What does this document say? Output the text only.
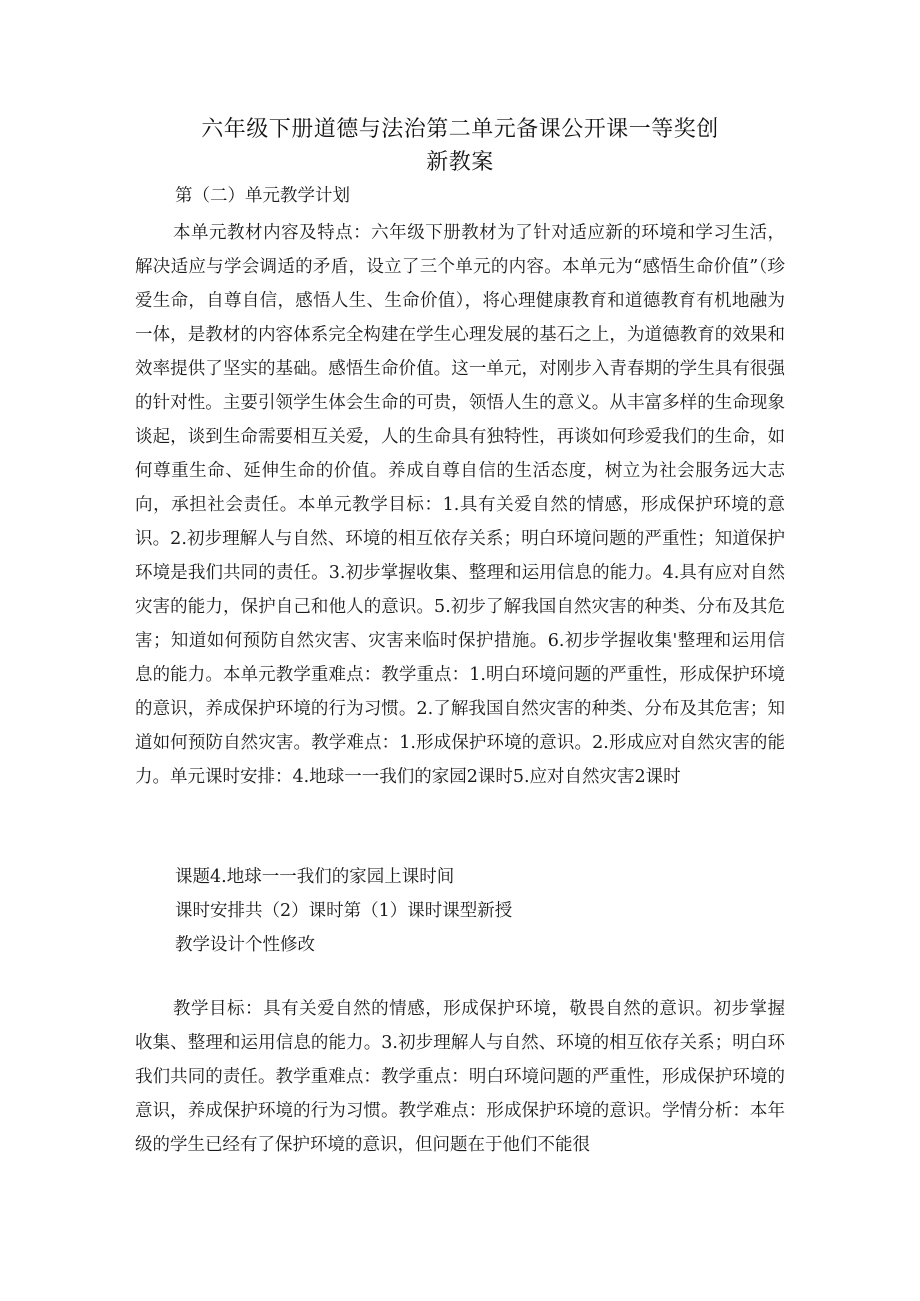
六年级下册道德与法治第二单元备课公开课一等奖创
新教案
第（二）单元教学计划
本单元教材内容及特点：六年级下册教材为了针对适应新的环境和学习生活，解决适应与学会调适的矛盾，设立了三个单元的内容。本单元为“感悟生命价值”（珍爱生命，自尊自信，感悟人生、生命价值），将心理健康教育和道德教育有机地融为一体，是教材的内容体系完全构建在学生心理发展的基石之上，为道德教育的效果和效率提供了坚实的基础。感悟生命价值。这一单元，对刚步入青春期的学生具有很强的针对性。主要引领学生体会生命的可贵，领悟人生的意义。从丰富多样的生命现象谈起，谈到生命需要相互关爱，人的生命具有独特性，再谈如何珍爱我们的生命，如何尊重生命、延伸生命的价值。养成自尊自信的生活态度，树立为社会服务远大志向，承担社会责任。本单元教学目标：1.具有关爱自然的情感，形成保护环境的意识。2.初步理解人与自然、环境的相互依存关系；明白环境问题的严重性；知道保护环境是我们共同的责任。3.初步掌握收集、整理和运用信息的能力。4.具有应对自然灾害的能力，保护自己和他人的意识。5.初步了解我国自然灾害的种类、分布及其危害；知道如何预防自然灾害、灾害来临时保护措施。6.初步学握收集'整理和运用信息的能力。本单元教学重难点：教学重点：1.明白环境问题的严重性，形成保护环境的意识，养成保护环境的行为习惯。2.了解我国自然灾害的种类、分布及其危害；知道如何预防自然灾害。教学难点：1.形成保护环境的意识。2.形成应对自然灾害的能力。单元课时安排：4.地球一一我们的家园2课时5.应对自然灾害2课时
课题4.地球一一我们的家园上课时间
课时安排共（2）课时第（1）课时课型新授
教学设计个性修改
教学目标：具有关爱自然的情感，形成保护环境，敬畏自然的意识。初步掌握收集、整理和运用信息的能力。3.初步理解人与自然、环境的相互依存关系；明白环
我们共同的责任。教学重难点：教学重点：明白环境问题的严重性，形成保护环境的意识，养成保护环境的行为习惯。教学难点：形成保护环境的意识。学情分析：本年级的学生已经有了保护环境的意识，但问题在于他们不能很
